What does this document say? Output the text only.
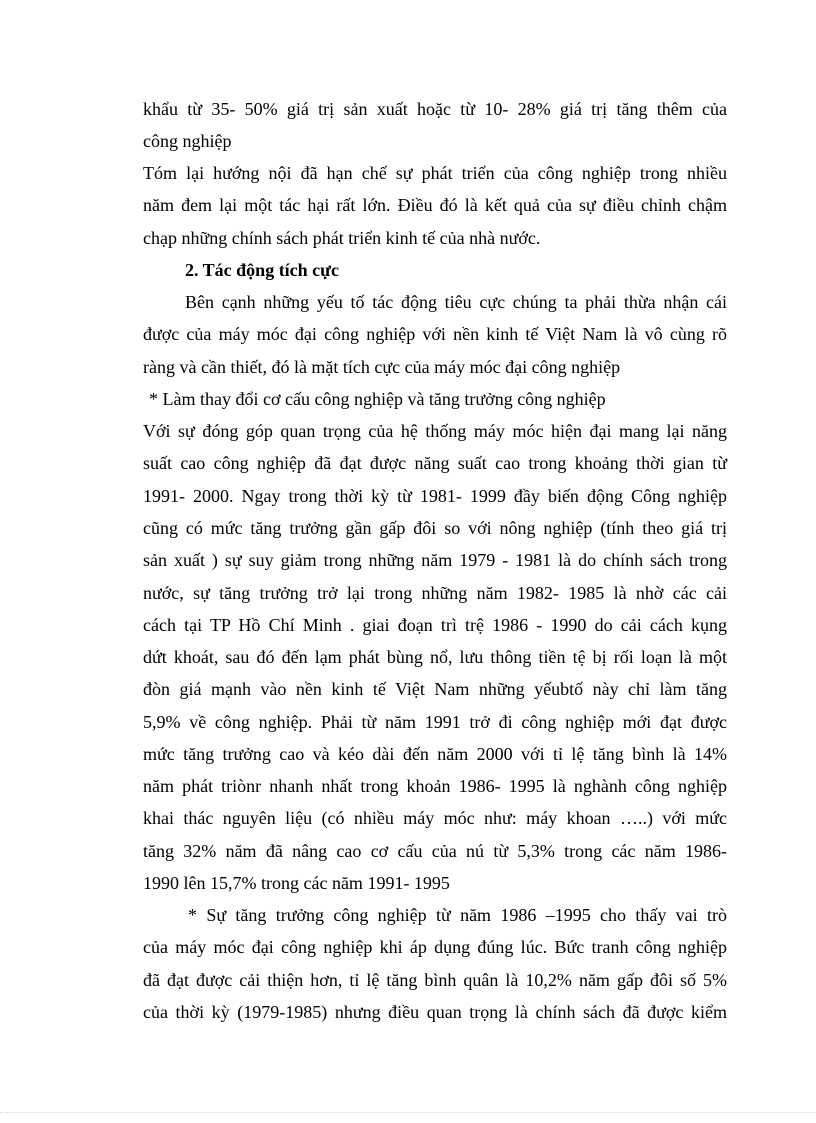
khẩu từ 35- 50% giá trị sản xuất hoặc từ 10- 28% giá trị tăng thêm của
công nghiệp
Tóm lại hướng nội đã hạn chế sự phát triển của công nghiệp trong nhiều
năm đem lại một tác hại rất lớn. Điều đó là kết quả của sự điều chỉnh chậm
chạp những chính sách phát triển kinh tế của nhà nước.
2. Tác động tích cực
Bên cạnh những yếu tố tác động tiêu cực chúng ta phải thừa nhận cái
được của máy móc đại công nghiệp với nền kinh tế Việt Nam là vô cùng rõ
ràng và cần thiết, đó là mặt tích cực của máy móc đại công nghiệp
* Làm thay đổi cơ cấu công nghiệp và tăng trưởng công nghiệp
Với sự đóng góp quan trọng của hệ thống máy móc hiện đại mang lại năng
suất cao công nghiệp đã đạt được năng suất cao trong khoảng thời gian từ
1991- 2000. Ngay trong thời kỳ từ 1981- 1999 đầy biến động Công nghiệp
cũng có mức tăng trưởng gần gấp đôi so với nông nghiệp (tính theo giá trị
sản xuất ) sự suy giảm trong những năm 1979 - 1981 là do chính sách trong
nước, sự tăng trưởng trở lại trong những năm 1982- 1985 là nhờ các cải
cách tại TP Hồ Chí Minh . giai đoạn trì trệ 1986 - 1990 do cải cách kụng
dứt khoát, sau đó đến lạm phát bùng nổ, lưu thông tiền tệ bị rối loạn là một
đòn giá mạnh vào nền kinh tế Việt Nam những yếubtố này chỉ làm tăng
5,9% về công nghiệp. Phải từ năm 1991 trở đi công nghiệp mới đạt được
mức tăng trưởng cao và kéo dài đến năm 2000 với tỉ lệ tăng bình là 14%
năm phát triònr nhanh nhất trong khoản 1986- 1995 là nghành công nghiệp
khai thác nguyên liệu (có nhiều máy móc như: máy khoan …..) với mức
tăng 32% năm đã nâng cao cơ cấu của nú từ 5,3% trong các năm 1986-
1990 lên 15,7% trong các năm 1991- 1995
* Sự tăng trưởng công nghiệp từ năm 1986 –1995 cho thấy vai trò
của máy móc đại công nghiệp khi áp dụng đúng lúc. Bức tranh công nghiệp
đã đạt được cải thiện hơn, tỉ lệ tăng bình quân là 10,2% năm gấp đôi số 5%
của thời kỳ (1979-1985) nhưng điều quan trọng là chính sách đã được kiểm
